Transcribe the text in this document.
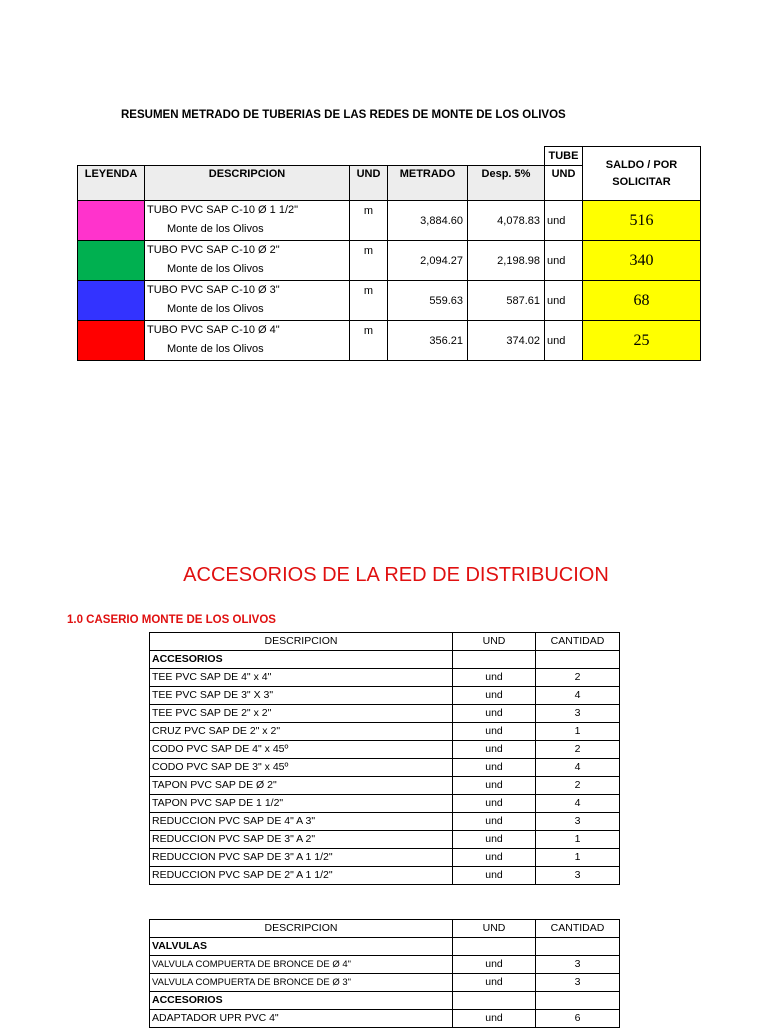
RESUMEN METRADO DE TUBERIAS DE LAS REDES DE MONTE DE LOS OLIVOS
					TUBE	SALDO / POR SOLICITAR
LEYENDA	DESCRIPCION	UND	METRADO	Desp. 5%	UND	

	TUBO PVC SAP C-10 Ø 1 1/2"
Monte de los Olivos	m	3,884.60	4,078.83	und	516

	TUBO PVC SAP C-10 Ø 2"
Monte de los Olivos	m	2,094.27	2,198.98	und	340

	TUBO PVC SAP C-10 Ø 3"
Monte de los Olivos	m	559.63	587.61	und	68

	TUBO PVC SAP C-10 Ø 4"
Monte de los Olivos	m	356.21	374.02	und	25
ACCESORIOS DE LA RED DE DISTRIBUCION
1.0 CASERIO MONTE DE LOS OLIVOS
DESCRIPCION	UND	CANTIDAD
ACCESORIOS		
TEE PVC SAP DE 4" x 4"	und	2
TEE PVC SAP DE 3" X 3"	und	4
TEE PVC SAP DE 2" x 2"	und	3
CRUZ PVC SAP DE 2" x 2"	und	1
CODO PVC SAP DE 4" x 45º	und	2
CODO PVC SAP DE 3" x 45º	und	4
TAPON PVC SAP DE Ø 2"	und	2
TAPON PVC SAP DE 1 1/2"	und	4
REDUCCION PVC SAP DE 4" A 3"	und	3
REDUCCION PVC SAP DE 3" A 2"	und	1
REDUCCION PVC SAP DE 3" A 1 1/2"	und	1
REDUCCION PVC SAP DE 2" A 1 1/2"	und	3
DESCRIPCION	UND	CANTIDAD
VALVULAS		
VALVULA COMPUERTA DE BRONCE DE Ø 4"	und	3
VALVULA COMPUERTA DE BRONCE DE Ø 3"	und	3
ACCESORIOS		
ADAPTADOR UPR PVC 4"	und	6
